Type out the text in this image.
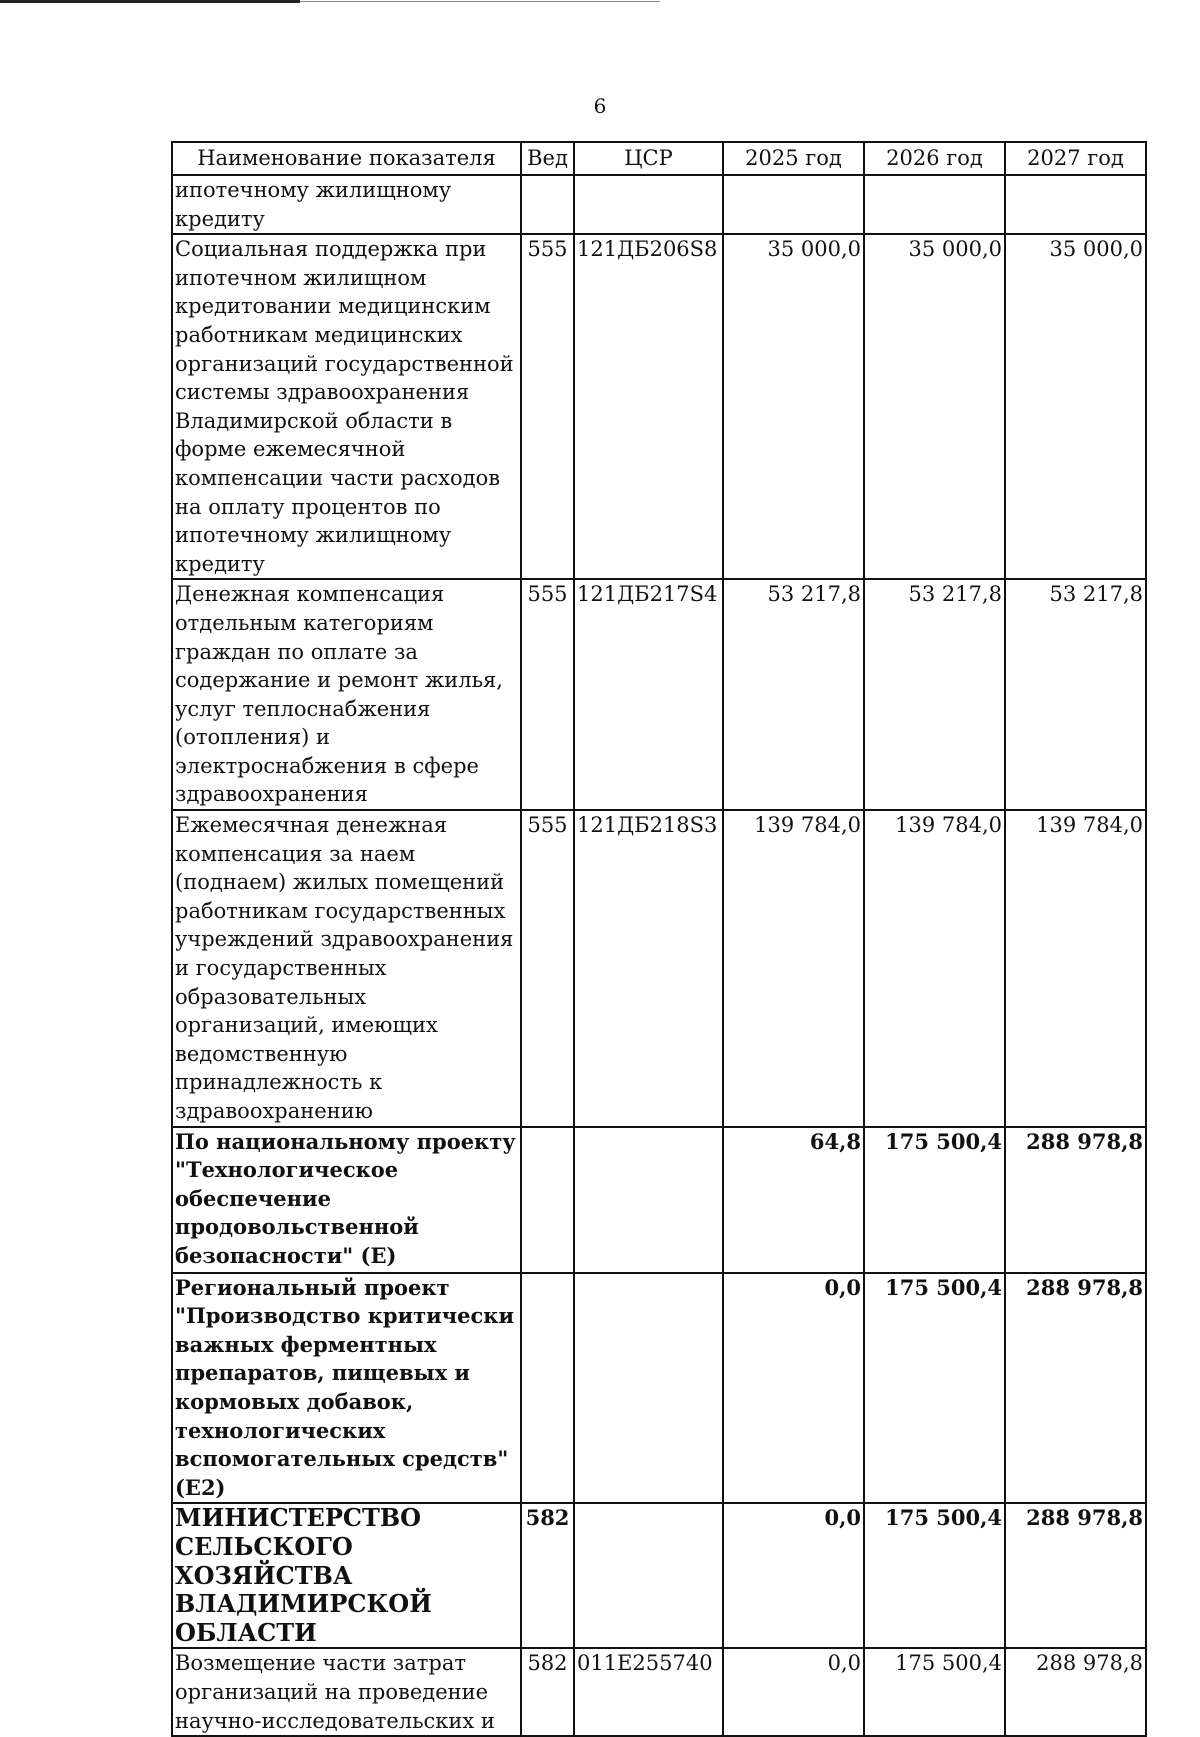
6
Наименование показателя	Вед	ЦСР	2025 год	2026 год	2027 год
ипотечному жилищному кредиту					
Социальная поддержка при ипотечном жилищном кредитовании медицинским работникам медицинских организаций государственной системы здравоохранения Владимирской области в форме ежемесячной компенсации части расходов на оплату процентов по ипотечному жилищному кредиту	555	121ДБ206S8	35 000,0	35 000,0	35 000,0
Денежная компенсация отдельным категориям граждан по оплате за содержание и ремонт жилья, услуг теплоснабжения (отопления) и электроснабжения в сфере здравоохранения	555	121ДБ217S4	53 217,8	53 217,8	53 217,8
Ежемесячная денежная компенсация за наем (поднаем) жилых помещений работникам государственных учреждений здравоохранения и государственных образовательных организаций, имеющих ведомственную принадлежность к здравоохранению	555	121ДБ218S3	139 784,0	139 784,0	139 784,0
По национальному проекту "Технологическое обеспечение продовольственной безопасности" (Е)			64,8	175 500,4	288 978,8
Региональный проект "Производство критически важных ферментных препаратов, пищевых и кормовых добавок, технологических вспомогательных средств" (Е2)			0,0	175 500,4	288 978,8
МИНИСТЕРСТВО СЕЛЬСКОГО ХОЗЯЙСТВА ВЛАДИМИРСКОЙ ОБЛАСТИ	582		0,0	175 500,4	288 978,8
Возмещение части затрат организаций на проведение научно-исследовательских и	582	011Е255740	0,0	175 500,4	288 978,8
